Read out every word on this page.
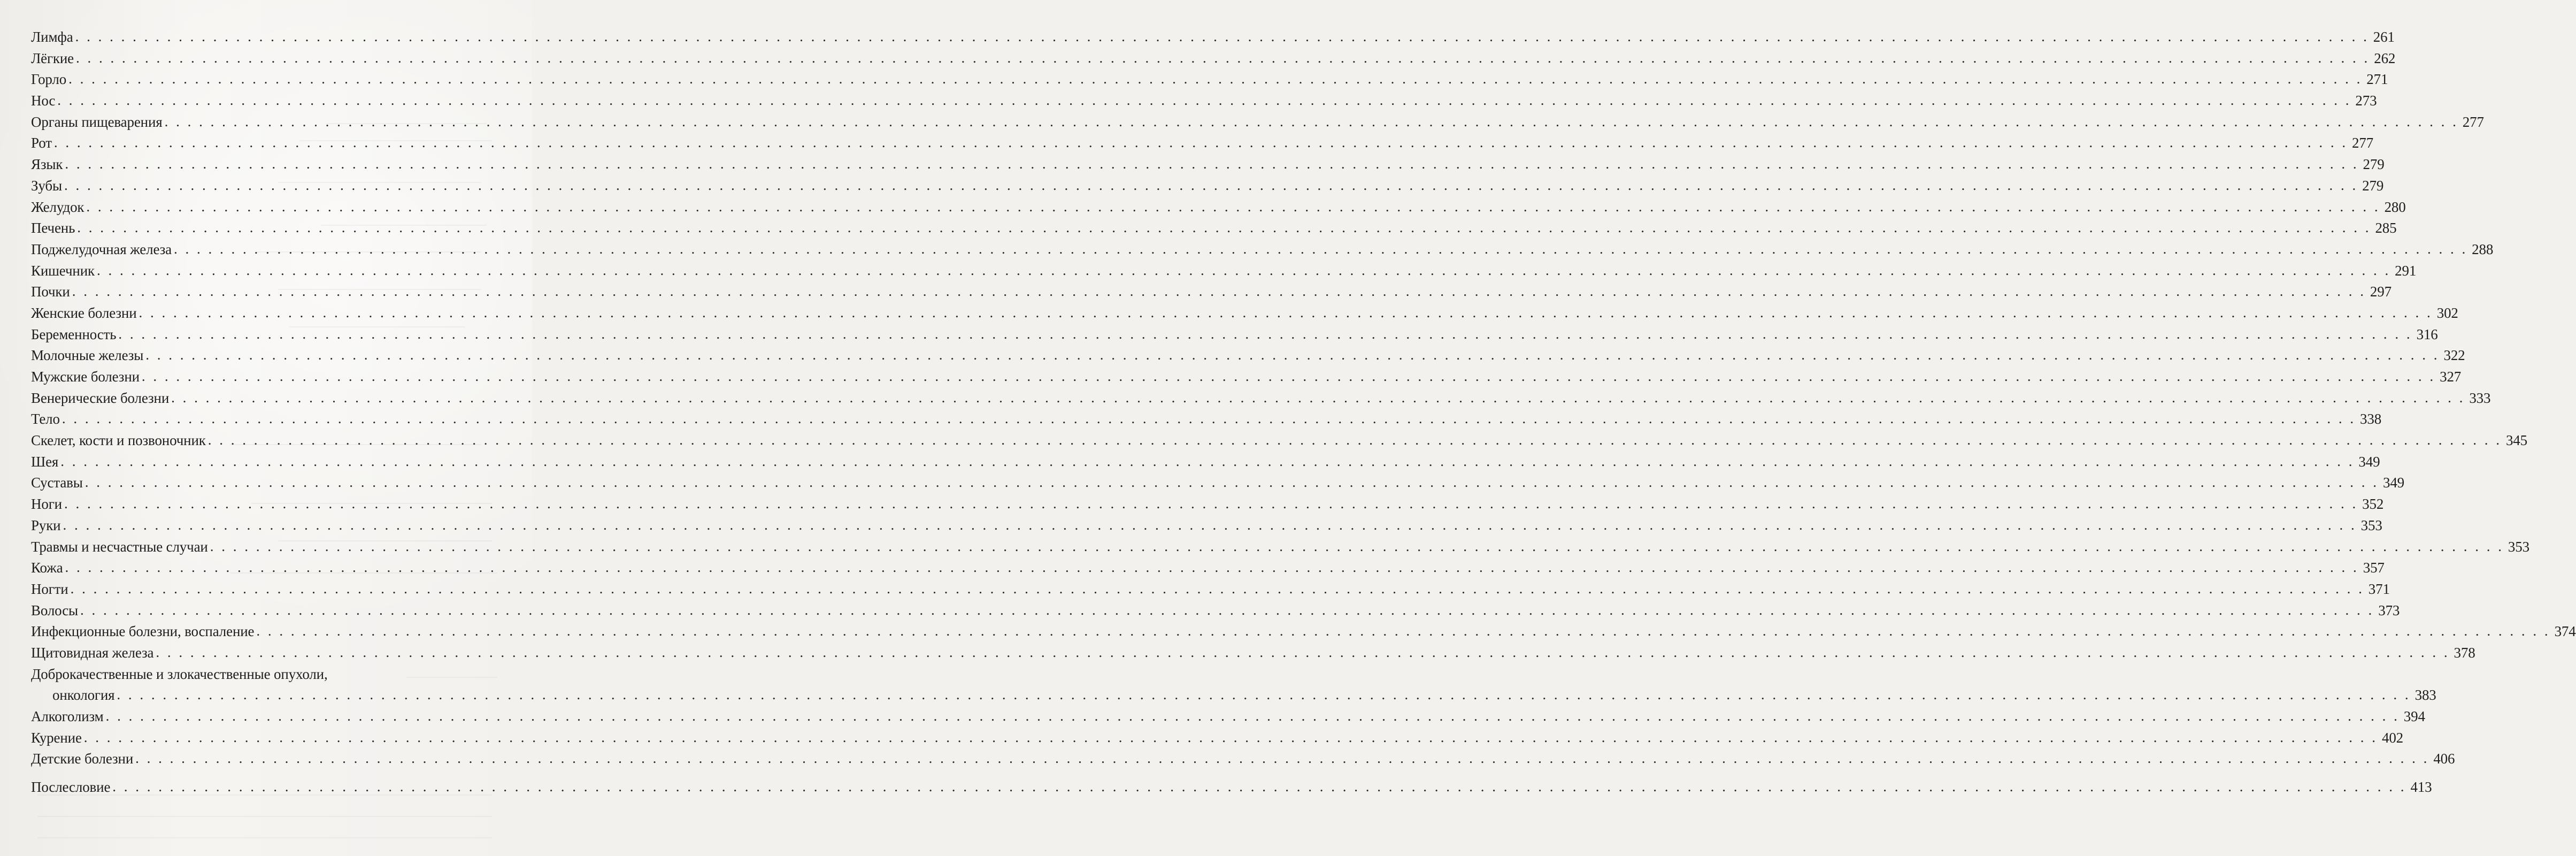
Лимфа . . . . . . . . . . . . . . . . . . . . . . . . . . . . . . . . . . . . . . . . . . . . . . . . . . . . . . . . . . . . . . . . . . . . . . . . . . . . . . . . . . . . . . . . . . . . . . . . . . . . . . . . . . . . . . . . . . . . . . . . . . . . . . . . . . . . . . . . . . . . . . . . . . . . . . . . . . . . . . . . . . . . . . . . . . . . . . . . . . . . . . . . . . . . . . . . . . . . . . . . 261
Лёгкие . . . . . . . . . . . . . . . . . . . . . . . . . . . . . . . . . . . . . . . . . . . . . . . . . . . . . . . . . . . . . . . . . . . . . . . . . . . . . . . . . . . . . . . . . . . . . . . . . . . . . . . . . . . . . . . . . . . . . . . . . . . . . . . . . . . . . . . . . . . . . . . . . . . . . . . . . . . . . . . . . . . . . . . . . . . . . . . . . . . . . . . . . . . . . . . . . . . . . . . . 262
Горло . . . . . . . . . . . . . . . . . . . . . . . . . . . . . . . . . . . . . . . . . . . . . . . . . . . . . . . . . . . . . . . . . . . . . . . . . . . . . . . . . . . . . . . . . . . . . . . . . . . . . . . . . . . . . . . . . . . . . . . . . . . . . . . . . . . . . . . . . . . . . . . . . . . . . . . . . . . . . . . . . . . . . . . . . . . . . . . . . . . . . . . . . . . . . . . . . . . . . . . . 271
Нос . . . . . . . . . . . . . . . . . . . . . . . . . . . . . . . . . . . . . . . . . . . . . . . . . . . . . . . . . . . . . . . . . . . . . . . . . . . . . . . . . . . . . . . . . . . . . . . . . . . . . . . . . . . . . . . . . . . . . . . . . . . . . . . . . . . . . . . . . . . . . . . . . . . . . . . . . . . . . . . . . . . . . . . . . . . . . . . . . . . . . . . . . . . . . . . . . . . . . . . . 273
Органы пищеварения . . . . . . . . . . . . . . . . . . . . . . . . . . . . . . . . . . . . . . . . . . . . . . . . . . . . . . . . . . . . . . . . . . . . . . . . . . . . . . . . . . . . . . . . . . . . . . . . . . . . . . . . . . . . . . . . . . . . . . . . . . . . . . . . . . . . . . . . . . . . . . . . . . . . . . . . . . . . . . . . . . . . . . . . . . . . . . . . . . . . . . . . . . . . . . . . . . . . . . . . 277
Рот . . . . . . . . . . . . . . . . . . . . . . . . . . . . . . . . . . . . . . . . . . . . . . . . . . . . . . . . . . . . . . . . . . . . . . . . . . . . . . . . . . . . . . . . . . . . . . . . . . . . . . . . . . . . . . . . . . . . . . . . . . . . . . . . . . . . . . . . . . . . . . . . . . . . . . . . . . . . . . . . . . . . . . . . . . . . . . . . . . . . . . . . . . . . . . . . . . . . . . . . 277
Язык . . . . . . . . . . . . . . . . . . . . . . . . . . . . . . . . . . . . . . . . . . . . . . . . . . . . . . . . . . . . . . . . . . . . . . . . . . . . . . . . . . . . . . . . . . . . . . . . . . . . . . . . . . . . . . . . . . . . . . . . . . . . . . . . . . . . . . . . . . . . . . . . . . . . . . . . . . . . . . . . . . . . . . . . . . . . . . . . . . . . . . . . . . . . . . . . . . . . . . . . 279
Зубы . . . . . . . . . . . . . . . . . . . . . . . . . . . . . . . . . . . . . . . . . . . . . . . . . . . . . . . . . . . . . . . . . . . . . . . . . . . . . . . . . . . . . . . . . . . . . . . . . . . . . . . . . . . . . . . . . . . . . . . . . . . . . . . . . . . . . . . . . . . . . . . . . . . . . . . . . . . . . . . . . . . . . . . . . . . . . . . . . . . . . . . . . . . . . . . . . . . . . . . . 279
Желудок . . . . . . . . . . . . . . . . . . . . . . . . . . . . . . . . . . . . . . . . . . . . . . . . . . . . . . . . . . . . . . . . . . . . . . . . . . . . . . . . . . . . . . . . . . . . . . . . . . . . . . . . . . . . . . . . . . . . . . . . . . . . . . . . . . . . . . . . . . . . . . . . . . . . . . . . . . . . . . . . . . . . . . . . . . . . . . . . . . . . . . . . . . . . . . . . . . . . . . . . 280
Печень . . . . . . . . . . . . . . . . . . . . . . . . . . . . . . . . . . . . . . . . . . . . . . . . . . . . . . . . . . . . . . . . . . . . . . . . . . . . . . . . . . . . . . . . . . . . . . . . . . . . . . . . . . . . . . . . . . . . . . . . . . . . . . . . . . . . . . . . . . . . . . . . . . . . . . . . . . . . . . . . . . . . . . . . . . . . . . . . . . . . . . . . . . . . . . . . . . . . . . . . 285
Поджелудочная железа . . . . . . . . . . . . . . . . . . . . . . . . . . . . . . . . . . . . . . . . . . . . . . . . . . . . . . . . . . . . . . . . . . . . . . . . . . . . . . . . . . . . . . . . . . . . . . . . . . . . . . . . . . . . . . . . . . . . . . . . . . . . . . . . . . . . . . . . . . . . . . . . . . . . . . . . . . . . . . . . . . . . . . . . . . . . . . . . . . . . . . . . . . . . . . . . . . . . . . . . 288
Кишечник . . . . . . . . . . . . . . . . . . . . . . . . . . . . . . . . . . . . . . . . . . . . . . . . . . . . . . . . . . . . . . . . . . . . . . . . . . . . . . . . . . . . . . . . . . . . . . . . . . . . . . . . . . . . . . . . . . . . . . . . . . . . . . . . . . . . . . . . . . . . . . . . . . . . . . . . . . . . . . . . . . . . . . . . . . . . . . . . . . . . . . . . . . . . . . . . . . . . . . . . 291
Почки . . . . . . . . . . . . . . . . . . . . . . . . . . . . . . . . . . . . . . . . . . . . . . . . . . . . . . . . . . . . . . . . . . . . . . . . . . . . . . . . . . . . . . . . . . . . . . . . . . . . . . . . . . . . . . . . . . . . . . . . . . . . . . . . . . . . . . . . . . . . . . . . . . . . . . . . . . . . . . . . . . . . . . . . . . . . . . . . . . . . . . . . . . . . . . . . . . . . . . . . 297
Женские болезни . . . . . . . . . . . . . . . . . . . . . . . . . . . . . . . . . . . . . . . . . . . . . . . . . . . . . . . . . . . . . . . . . . . . . . . . . . . . . . . . . . . . . . . . . . . . . . . . . . . . . . . . . . . . . . . . . . . . . . . . . . . . . . . . . . . . . . . . . . . . . . . . . . . . . . . . . . . . . . . . . . . . . . . . . . . . . . . . . . . . . . . . . . . . . . . . . . . . . . . . 302
Беременность . . . . . . . . . . . . . . . . . . . . . . . . . . . . . . . . . . . . . . . . . . . . . . . . . . . . . . . . . . . . . . . . . . . . . . . . . . . . . . . . . . . . . . . . . . . . . . . . . . . . . . . . . . . . . . . . . . . . . . . . . . . . . . . . . . . . . . . . . . . . . . . . . . . . . . . . . . . . . . . . . . . . . . . . . . . . . . . . . . . . . . . . . . . . . . . . . . . . . . . . 316
Молочные железы . . . . . . . . . . . . . . . . . . . . . . . . . . . . . . . . . . . . . . . . . . . . . . . . . . . . . . . . . . . . . . . . . . . . . . . . . . . . . . . . . . . . . . . . . . . . . . . . . . . . . . . . . . . . . . . . . . . . . . . . . . . . . . . . . . . . . . . . . . . . . . . . . . . . . . . . . . . . . . . . . . . . . . . . . . . . . . . . . . . . . . . . . . . . . . . . . . . . . . . . 322
Мужские болезни . . . . . . . . . . . . . . . . . . . . . . . . . . . . . . . . . . . . . . . . . . . . . . . . . . . . . . . . . . . . . . . . . . . . . . . . . . . . . . . . . . . . . . . . . . . . . . . . . . . . . . . . . . . . . . . . . . . . . . . . . . . . . . . . . . . . . . . . . . . . . . . . . . . . . . . . . . . . . . . . . . . . . . . . . . . . . . . . . . . . . . . . . . . . . . . . . . . . . . . . 327
Венерические болезни . . . . . . . . . . . . . . . . . . . . . . . . . . . . . . . . . . . . . . . . . . . . . . . . . . . . . . . . . . . . . . . . . . . . . . . . . . . . . . . . . . . . . . . . . . . . . . . . . . . . . . . . . . . . . . . . . . . . . . . . . . . . . . . . . . . . . . . . . . . . . . . . . . . . . . . . . . . . . . . . . . . . . . . . . . . . . . . . . . . . . . . . . . . . . . . . . . . . . . . . 333
Тело . . . . . . . . . . . . . . . . . . . . . . . . . . . . . . . . . . . . . . . . . . . . . . . . . . . . . . . . . . . . . . . . . . . . . . . . . . . . . . . . . . . . . . . . . . . . . . . . . . . . . . . . . . . . . . . . . . . . . . . . . . . . . . . . . . . . . . . . . . . . . . . . . . . . . . . . . . . . . . . . . . . . . . . . . . . . . . . . . . . . . . . . . . . . . . . . . . . . . . . . 338
Скелет, кости и позвоночник . . . . . . . . . . . . . . . . . . . . . . . . . . . . . . . . . . . . . . . . . . . . . . . . . . . . . . . . . . . . . . . . . . . . . . . . . . . . . . . . . . . . . . . . . . . . . . . . . . . . . . . . . . . . . . . . . . . . . . . . . . . . . . . . . . . . . . . . . . . . . . . . . . . . . . . . . . . . . . . . . . . . . . . . . . . . . . . . . . . . . . . . . . . . . . . . . . . . . . . . 345
Шея . . . . . . . . . . . . . . . . . . . . . . . . . . . . . . . . . . . . . . . . . . . . . . . . . . . . . . . . . . . . . . . . . . . . . . . . . . . . . . . . . . . . . . . . . . . . . . . . . . . . . . . . . . . . . . . . . . . . . . . . . . . . . . . . . . . . . . . . . . . . . . . . . . . . . . . . . . . . . . . . . . . . . . . . . . . . . . . . . . . . . . . . . . . . . . . . . . . . . . . . 349
Суставы . . . . . . . . . . . . . . . . . . . . . . . . . . . . . . . . . . . . . . . . . . . . . . . . . . . . . . . . . . . . . . . . . . . . . . . . . . . . . . . . . . . . . . . . . . . . . . . . . . . . . . . . . . . . . . . . . . . . . . . . . . . . . . . . . . . . . . . . . . . . . . . . . . . . . . . . . . . . . . . . . . . . . . . . . . . . . . . . . . . . . . . . . . . . . . . . . . . . . . . . 349
Ноги . . . . . . . . . . . . . . . . . . . . . . . . . . . . . . . . . . . . . . . . . . . . . . . . . . . . . . . . . . . . . . . . . . . . . . . . . . . . . . . . . . . . . . . . . . . . . . . . . . . . . . . . . . . . . . . . . . . . . . . . . . . . . . . . . . . . . . . . . . . . . . . . . . . . . . . . . . . . . . . . . . . . . . . . . . . . . . . . . . . . . . . . . . . . . . . . . . . . . . . . 352
Руки . . . . . . . . . . . . . . . . . . . . . . . . . . . . . . . . . . . . . . . . . . . . . . . . . . . . . . . . . . . . . . . . . . . . . . . . . . . . . . . . . . . . . . . . . . . . . . . . . . . . . . . . . . . . . . . . . . . . . . . . . . . . . . . . . . . . . . . . . . . . . . . . . . . . . . . . . . . . . . . . . . . . . . . . . . . . . . . . . . . . . . . . . . . . . . . . . . . . . . . . 353
Травмы и несчастные случаи . . . . . . . . . . . . . . . . . . . . . . . . . . . . . . . . . . . . . . . . . . . . . . . . . . . . . . . . . . . . . . . . . . . . . . . . . . . . . . . . . . . . . . . . . . . . . . . . . . . . . . . . . . . . . . . . . . . . . . . . . . . . . . . . . . . . . . . . . . . . . . . . . . . . . . . . . . . . . . . . . . . . . . . . . . . . . . . . . . . . . . . . . . . . . . . . . . . . . . . . 353
Кожа . . . . . . . . . . . . . . . . . . . . . . . . . . . . . . . . . . . . . . . . . . . . . . . . . . . . . . . . . . . . . . . . . . . . . . . . . . . . . . . . . . . . . . . . . . . . . . . . . . . . . . . . . . . . . . . . . . . . . . . . . . . . . . . . . . . . . . . . . . . . . . . . . . . . . . . . . . . . . . . . . . . . . . . . . . . . . . . . . . . . . . . . . . . . . . . . . . . . . . . . 357
Ногти . . . . . . . . . . . . . . . . . . . . . . . . . . . . . . . . . . . . . . . . . . . . . . . . . . . . . . . . . . . . . . . . . . . . . . . . . . . . . . . . . . . . . . . . . . . . . . . . . . . . . . . . . . . . . . . . . . . . . . . . . . . . . . . . . . . . . . . . . . . . . . . . . . . . . . . . . . . . . . . . . . . . . . . . . . . . . . . . . . . . . . . . . . . . . . . . . . . . . . . . 371
Волосы . . . . . . . . . . . . . . . . . . . . . . . . . . . . . . . . . . . . . . . . . . . . . . . . . . . . . . . . . . . . . . . . . . . . . . . . . . . . . . . . . . . . . . . . . . . . . . . . . . . . . . . . . . . . . . . . . . . . . . . . . . . . . . . . . . . . . . . . . . . . . . . . . . . . . . . . . . . . . . . . . . . . . . . . . . . . . . . . . . . . . . . . . . . . . . . . . . . . . . . . 373
Инфекционные болезни, воспаление . . . . . . . . . . . . . . . . . . . . . . . . . . . . . . . . . . . . . . . . . . . . . . . . . . . . . . . . . . . . . . . . . . . . . . . . . . . . . . . . . . . . . . . . . . . . . . . . . . . . . . . . . . . . . . . . . . . . . . . . . . . . . . . . . . . . . . . . . . . . . . . . . . . . . . . . . . . . . . . . . . . . . . . . . . . . . . . . . . . . . . . . . . . . . . . . . . . . . . . . 374
Щитовидная железа . . . . . . . . . . . . . . . . . . . . . . . . . . . . . . . . . . . . . . . . . . . . . . . . . . . . . . . . . . . . . . . . . . . . . . . . . . . . . . . . . . . . . . . . . . . . . . . . . . . . . . . . . . . . . . . . . . . . . . . . . . . . . . . . . . . . . . . . . . . . . . . . . . . . . . . . . . . . . . . . . . . . . . . . . . . . . . . . . . . . . . . . . . . . . . . . . . . . . . . . 378
Доброкачественные и злокачественные опухоли,
онкология . . . . . . . . . . . . . . . . . . . . . . . . . . . . . . . . . . . . . . . . . . . . . . . . . . . . . . . . . . . . . . . . . . . . . . . . . . . . . . . . . . . . . . . . . . . . . . . . . . . . . . . . . . . . . . . . . . . . . . . . . . . . . . . . . . . . . . . . . . . . . . . . . . . . . . . . . . . . . . . . . . . . . . . . . . . . . . . . . . . . . . . . . . . . . . . . . . . . . . . . 383
Алкоголизм . . . . . . . . . . . . . . . . . . . . . . . . . . . . . . . . . . . . . . . . . . . . . . . . . . . . . . . . . . . . . . . . . . . . . . . . . . . . . . . . . . . . . . . . . . . . . . . . . . . . . . . . . . . . . . . . . . . . . . . . . . . . . . . . . . . . . . . . . . . . . . . . . . . . . . . . . . . . . . . . . . . . . . . . . . . . . . . . . . . . . . . . . . . . . . . . . . . . . . . . 394
Курение . . . . . . . . . . . . . . . . . . . . . . . . . . . . . . . . . . . . . . . . . . . . . . . . . . . . . . . . . . . . . . . . . . . . . . . . . . . . . . . . . . . . . . . . . . . . . . . . . . . . . . . . . . . . . . . . . . . . . . . . . . . . . . . . . . . . . . . . . . . . . . . . . . . . . . . . . . . . . . . . . . . . . . . . . . . . . . . . . . . . . . . . . . . . . . . . . . . . . . . . 402
Детские болезни . . . . . . . . . . . . . . . . . . . . . . . . . . . . . . . . . . . . . . . . . . . . . . . . . . . . . . . . . . . . . . . . . . . . . . . . . . . . . . . . . . . . . . . . . . . . . . . . . . . . . . . . . . . . . . . . . . . . . . . . . . . . . . . . . . . . . . . . . . . . . . . . . . . . . . . . . . . . . . . . . . . . . . . . . . . . . . . . . . . . . . . . . . . . . . . . . . . . . . . . 406
Послесловие . . . . . . . . . . . . . . . . . . . . . . . . . . . . . . . . . . . . . . . . . . . . . . . . . . . . . . . . . . . . . . . . . . . . . . . . . . . . . . . . . . . . . . . . . . . . . . . . . . . . . . . . . . . . . . . . . . . . . . . . . . . . . . . . . . . . . . . . . . . . . . . . . . . . . . . . . . . . . . . . . . . . . . . . . . . . . . . . . . . . . . . . . . . . . . . . . . . . . . . . 413
